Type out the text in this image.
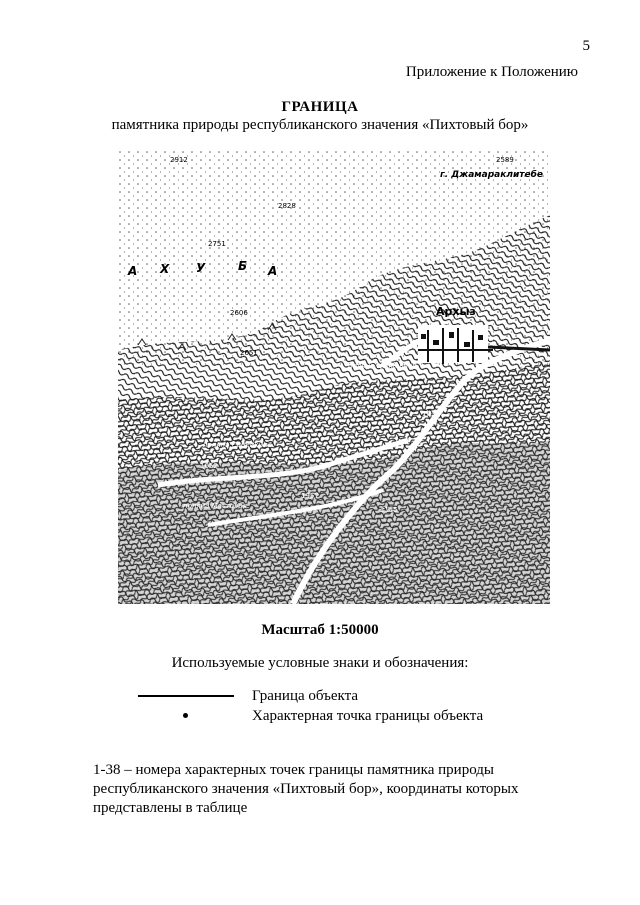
5
Приложение к Положению
ГРАНИЦА
памятника природы республиканского значения «Пихтовый бор»
2912	2589
г. Джамараклитебе
2828
2751
А Х У	Б А
2606	Архыз
2651
поляна Церковная
1633
поляна Санейкина
1652
поляна Мостовая
1957
2115
Масштаб 1:50000
Используемые условные знаки и обозначения:
Граница объекта
Характерная точка границы объекта
1-38 – номера характерных точек границы памятника природы республиканского значения «Пихтовый бор», координаты которых представлены в таблице
